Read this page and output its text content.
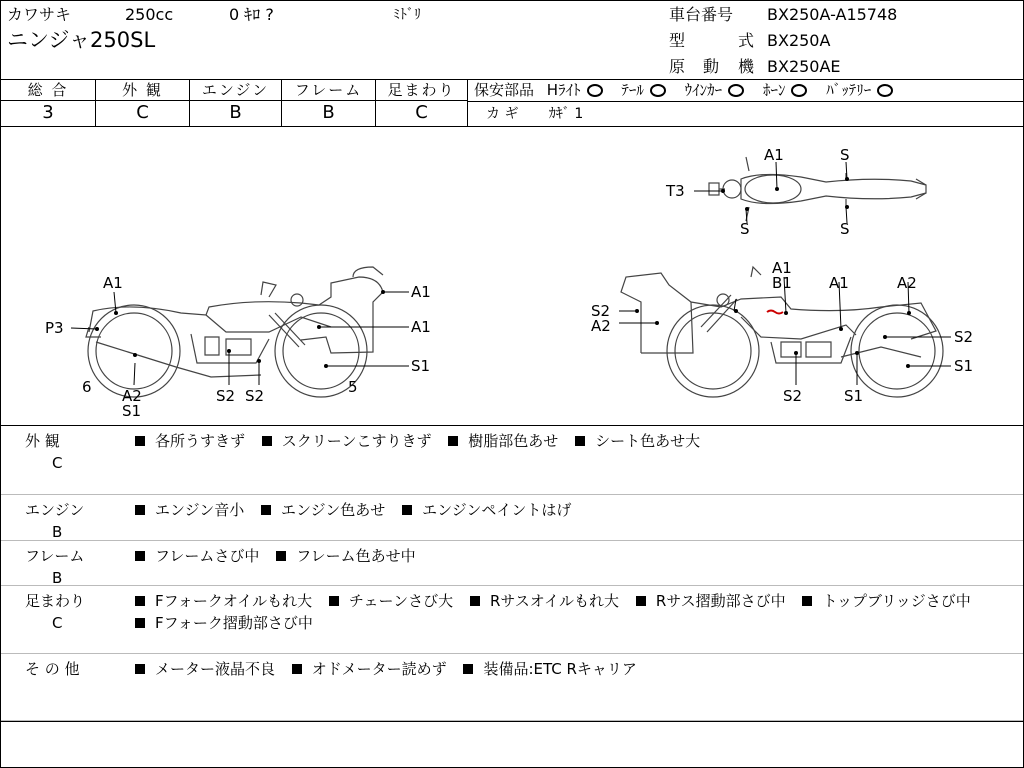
カワサキ	250cc	0 ｷﾛ ?	ﾐﾄﾞﾘ
ニンジャ250SL
車台番号 BX250A-A15748
型	式 BX250A
原 動 機 BX250AE
総 合
3
外 観
C
エンジン
B
フレーム
B
足まわり
C
保安部品 Hﾗｲﾄ	ﾃｰﾙ	ｳｲﾝｶｰ	ﾎｰﾝ	ﾊﾞｯﾃﾘｰ
カ ギ ｶｷﾞ 1
A1
P3
6 A2
S1
S2 S2	5
A1
A1
S1
S2
A2
A1
B1 A1	A2
S2
S1
S2	S1
A1	S
T3
S	S
外 観
C
各所うすきず スクリーンこすりきず 樹脂部色あせ シート色あせ大
エンジン
B
エンジン音小 エンジン色あせ エンジンペイントはげ
フレーム
B
フレームさび中 フレーム色あせ中
足まわり
C
Fフォークオイルもれ大 チェーンさび大 Rサスオイルもれ大 Rサス摺動部さび中 トップブリッジさび中 Fフォーク摺動部さび中
そ の 他	メーター液晶不良 オドメーター読めず 装備品:ETC Rキャリア
